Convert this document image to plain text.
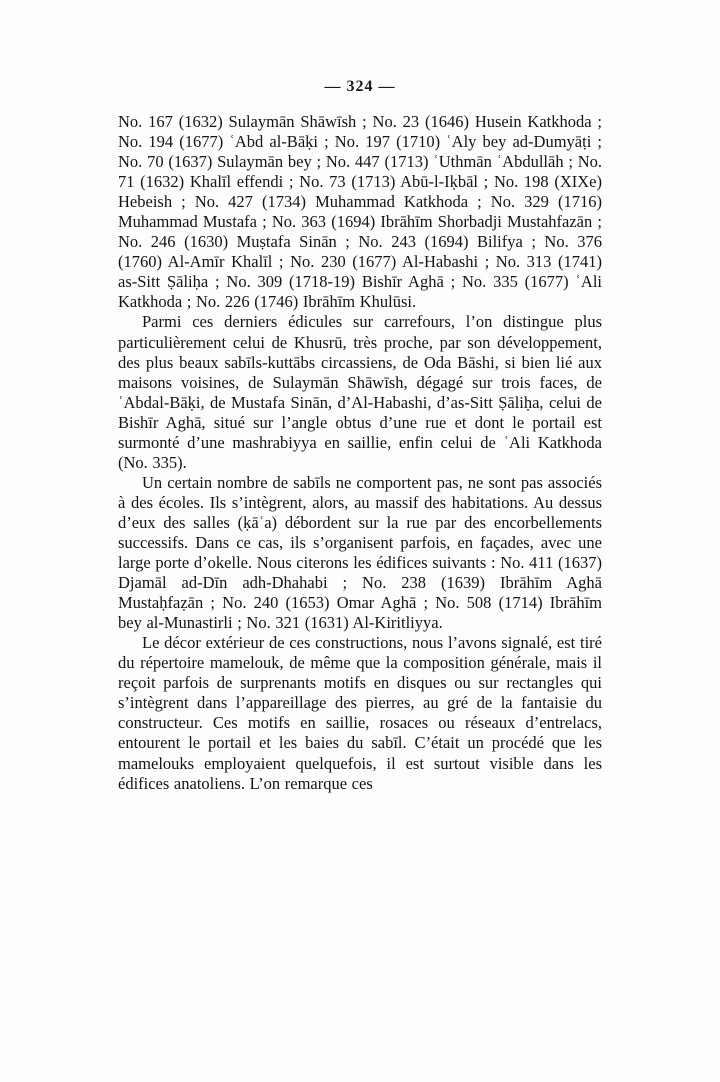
— 324 —

No. 167 (1632) Sulaymān Shāwīsh ; No. 23 (1646) Husein Katkhoda ; No. 194 (1677) ʿAbd al-Bāḳi ; No. 197 (1710) ʿAly bey ad-Dumyāṭi ; No. 70 (1637) Sulaymān bey ; No. 447 (1713) ʿUthmān ʿAbdullāh ; No. 71 (1632) Khalīl effendi ; No. 73 (1713) Abū-l-Iḳbāl ; No. 198 (XIXe) Hebeish ; No. 427 (1734) Muhammad Katkhoda ; No. 329 (1716) Muhammad Mustafa ; No. 363 (1694) Ibrāhīm Shorbadji Mustahfazān ; No. 246 (1630) Muṣtafa Sinān ; No. 243 (1694) Bilifya ; No. 376 (1760) Al-Amīr Khalīl ; No. 230 (1677) Al-Habashi ; No. 313 (1741) as-Sitt Ṣāliḥa ; No. 309 (1718-19) Bishīr Aghā ; No. 335 (1677) ʿAli Katkhoda ; No. 226 (1746) Ibrāhīm Khulūsi.

Parmi ces derniers édicules sur carrefours, l’on distingue plus particulièrement celui de Khusrū, très proche, par son développement, des plus beaux sabīls-kuttābs circassiens, de Oda Bāshi, si bien lié aux maisons voisines, de Sulaymān Shāwīsh, dégagé sur trois faces, de ʿAbdal-Bāḳi, de Mustafa Sinān, d’Al-Habashi, d’as-Sitt Ṣāliḥa, celui de Bishīr Aghā, situé sur l’angle obtus d’une rue et dont le portail est surmonté d’une mashrabiyya en saillie, enfin celui de ʿAli Katkhoda (No. 335).

Un certain nombre de sabīls ne comportent pas, ne sont pas associés à des écoles. Ils s’intègrent, alors, au massif des habitations. Au dessus d’eux des salles (ḳāʿa) débordent sur la rue par des encorbellements successifs. Dans ce cas, ils s’organisent parfois, en façades, avec une large porte d’okelle. Nous citerons les édifices suivants : No. 411 (1637) Djamāl ad-Dīn adh-Dhahabi ; No. 238 (1639) Ibrāhīm Aghā Mustaḥfaẓān ; No. 240 (1653) Omar Aghā ; No. 508 (1714) Ibrāhīm bey al-Munastirli ; No. 321 (1631) Al-Kiritliyya.

Le décor extérieur de ces constructions, nous l’avons signalé, est tiré du répertoire mamelouk, de même que la composition générale, mais il reçoit parfois de surprenants motifs en disques ou sur rectangles qui s’intègrent dans l’appareillage des pierres, au gré de la fantaisie du constructeur. Ces motifs en saillie, rosaces ou réseaux d’entrelacs, entourent le portail et les baies du sabīl. C’était un procédé que les mamelouks employaient quelquefois, il est surtout visible dans les édifices anatoliens. L’on remarque ces
